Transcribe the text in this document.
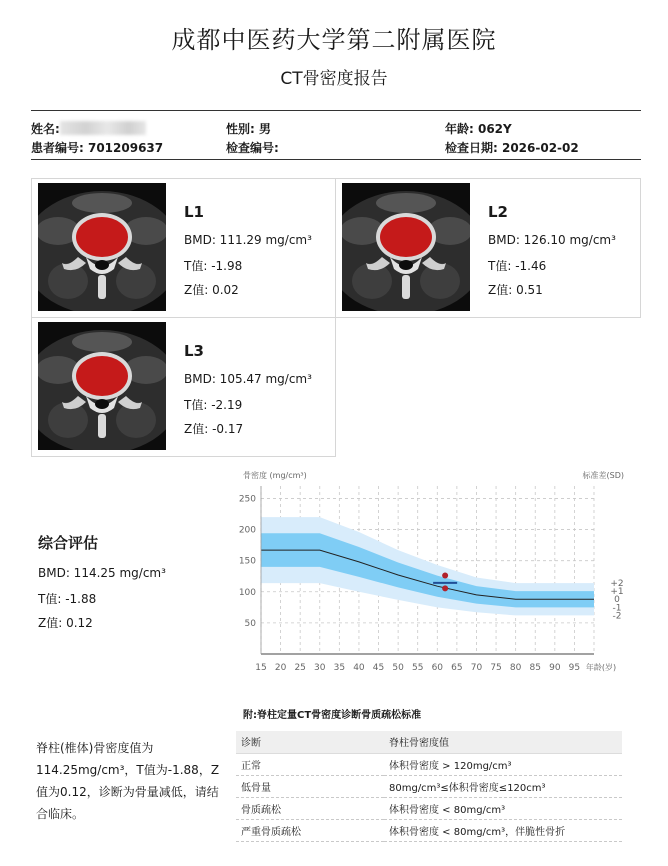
成都中医药大学第二附属医院
CT骨密度报告
姓名:	性别: 男	年龄: 062Y
患者编号: 701209637	检查编号:	检查日期: 2026-02-02
L1
BMD: 111.29 mg/cm³
T值: -1.98
Z值: 0.02
L2
BMD: 126.10 mg/cm³
T值: -1.46
Z值: 0.51
L3
BMD: 105.47 mg/cm³
T值: -2.19
Z值: -0.17
综合评估
BMD: 114.25 mg/cm³
T值: -1.88
Z值: 0.12
15 20 25 30 35 40 45 50 55 60 65 70 75 80 85 90 95
50
100
150
200
250
+2
+1
0
-1
-2
骨密度 (mg/cm³)	标准差(SD)
年龄(岁)
脊柱(椎体)骨密度值为114.25mg/cm³，T值为-1.88，Z值为0.12，诊断为骨量减低，请结合临床。
附:脊柱定量CT骨密度诊断骨质疏松标准
诊断	脊柱骨密度值
正常	体积骨密度 > 120mg/cm³
低骨量	80mg/cm³≤体积骨密度≤120cm³
骨质疏松	体积骨密度 < 80mg/cm³
严重骨质疏松	体积骨密度 < 80mg/cm³，伴脆性骨折
